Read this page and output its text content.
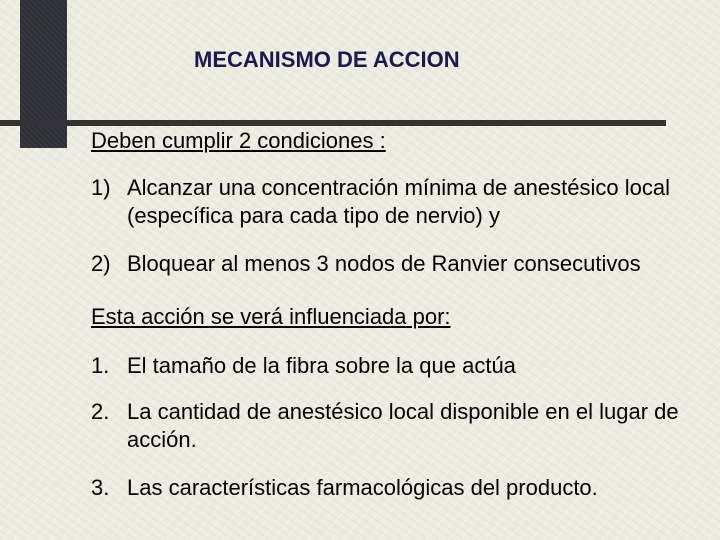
MECANISMO DE ACCION
Deben cumplir 2 condiciones :
1) Alcanzar una concentración mínima de anestésico local (específica para cada tipo de nervio) y
2) Bloquear al menos 3 nodos de Ranvier consecutivos
Esta acción se verá influenciada por:
1. El tamaño de la fibra sobre la que actúa
2. La cantidad de anestésico local disponible en el lugar de acción.
3. Las características farmacológicas del producto.
